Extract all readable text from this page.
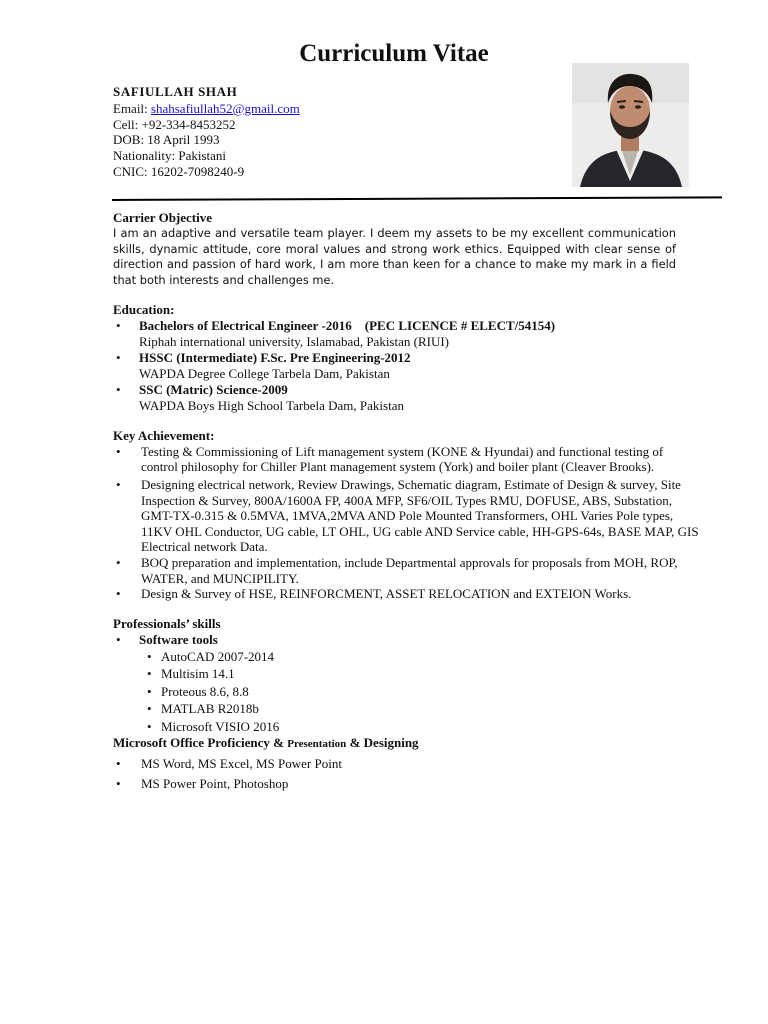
Curriculum Vitae
SAFIULLAH SHAH
Email: shahsafiullah52@gmail.com
Cell: +92-334-8453252
DOB: 18 April 1993
Nationality: Pakistani
CNIC: 16202-7098240-9
Carrier Objective
I am an adaptive and versatile team player. I deem my assets to be my excellent communication skills, dynamic attitude, core moral values and strong work ethics. Equipped with clear sense of direction and passion of hard work, I am more than keen for a chance to make my mark in a field that both interests and challenges me.
Education:
• Bachelors of Electrical Engineer -2016    (PEC LICENCE # ELECT/54154)
Riphah international university, Islamabad, Pakistan (RIUI)
• HSSC (Intermediate) F.Sc. Pre Engineering-2012
WAPDA Degree College Tarbela Dam, Pakistan
• SSC (Matric) Science-2009
WAPDA Boys High School Tarbela Dam, Pakistan
Key Achievement:
• Testing & Commissioning of Lift management system (KONE & Hyundai) and functional testing of control philosophy for Chiller Plant management system (York) and boiler plant (Cleaver Brooks).
• Designing electrical network, Review Drawings, Schematic diagram, Estimate of Design & survey, Site Inspection & Survey, 800A/1600A FP, 400A MFP, SF6/OIL Types RMU, DOFUSE, ABS, Substation, GMT-TX-0.315 & 0.5MVA, 1MVA,2MVA AND Pole Mounted Transformers, OHL Varies Pole types, 11KV OHL Conductor, UG cable, LT OHL, UG cable AND Service cable, HH-GPS-64s, BASE MAP, GIS Electrical network Data.
• BOQ preparation and implementation, include Departmental approvals for proposals from MOH, ROP, WATER, and MUNCIPILITY.
• Design & Survey of HSE, REINFORCMENT, ASSET RELOCATION and EXTEION Works.
Professionals’ skills
• Software tools
• AutoCAD 2007-2014
• Multisim 14.1
• Proteous 8.6, 8.8
• MATLAB R2018b
• Microsoft VISIO 2016
Microsoft Office Proficiency & Presentation & Designing
• MS Word, MS Excel, MS Power Point
• MS Power Point, Photoshop
